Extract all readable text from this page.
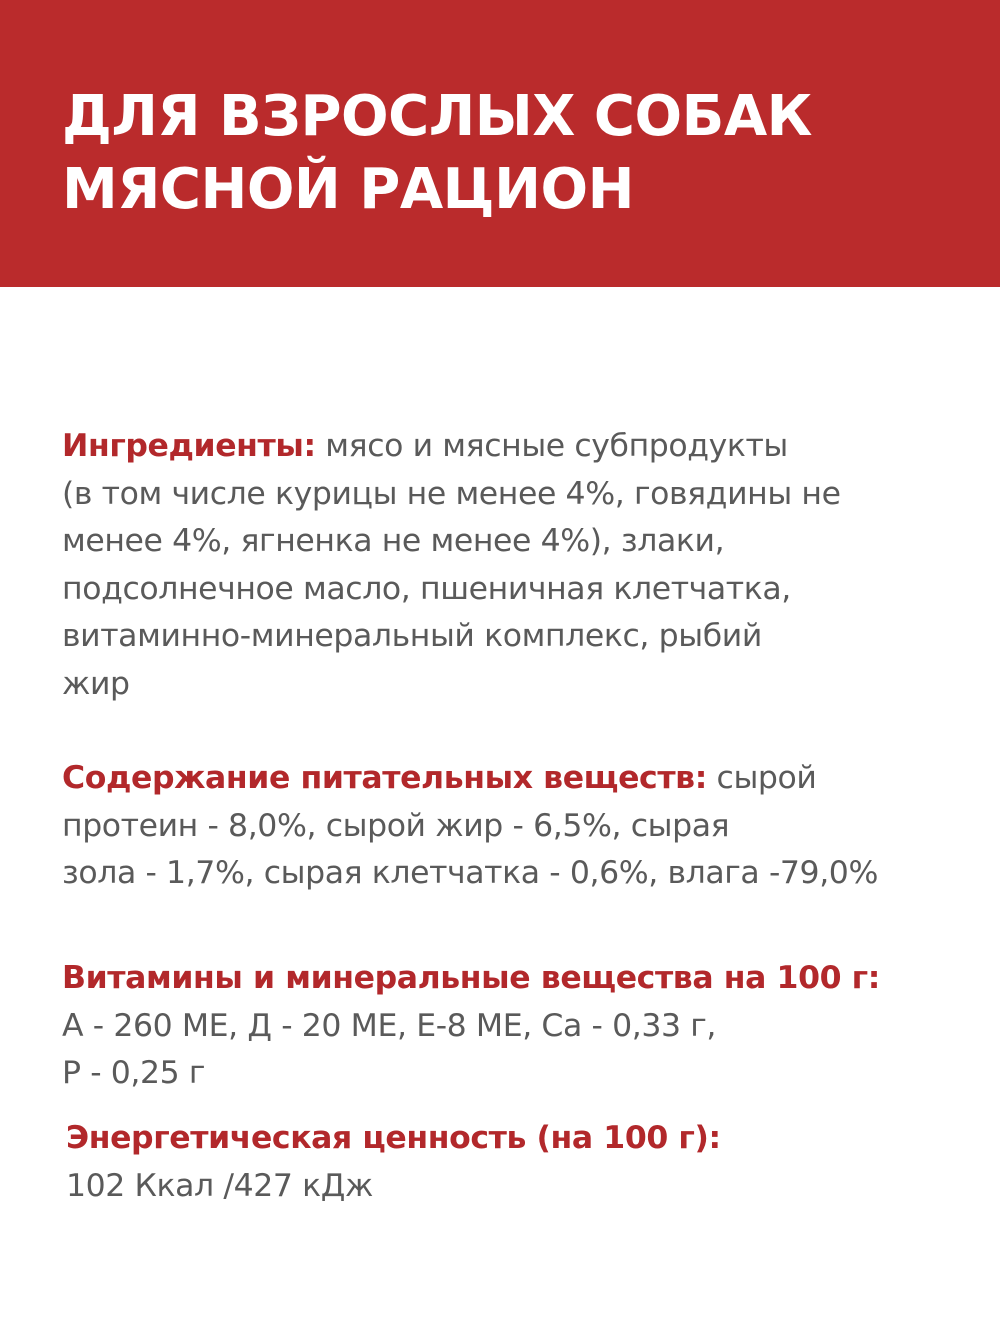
ДЛЯ ВЗРОСЛЫХ СОБАК
МЯСНОЙ РАЦИОН
Ингредиенты: мясо и мясные субпродукты
(в том числе курицы не менее 4%, говядины не
менее 4%, ягненка не менее 4%), злаки,
подсолнечное масло, пшеничная клетчатка,
витаминно-минеральный комплекс, рыбий
жир
Содержание питательных веществ: сырой
протеин - 8,0%, сырой жир - 6,5%, сырая
зола - 1,7%, сырая клетчатка - 0,6%, влага -79,0%
Витамины и минеральные вещества на 100 г:
А - 260 МЕ, Д - 20 МЕ, Е-8 МЕ, Са - 0,33 г,
Р - 0,25 г
Энергетическая ценность (на 100 г):
102 Ккал /427 кДж
